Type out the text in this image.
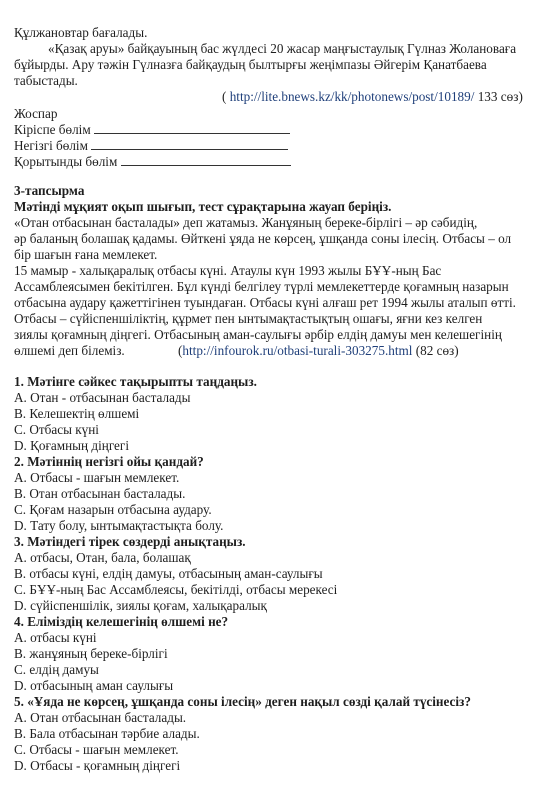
Құлжановтар бағалады.
«Қазақ аруы» байқауының бас жүлдесі 20 жасар маңғыстаулық Гүлназ Жолановаға
бұйырды. Ару тәжін Гүлназға байқаудың былтырғы жеңімпазы Әйгерім Қанатбаева
табыстады.
( http://lite.bnews.kz/kk/photonews/post/10189/ 133 сөз)
Жоспар
Кіріспе бөлім
Негізгі бөлім
Қорытынды бөлім
3-тапсырма
Мәтінді мұқият оқып шығып, тест сұрақтарына жауап беріңіз.
«Отан отбасынан басталады» деп жатамыз. Жанұяның береке-бірлігі – әр сәбидің,
әр баланың болашақ қадамы. Өйткені ұяда не көрсең, ұшқанда соны ілесің. Отбасы – ол
бір шағын ғана мемлекет.
15 мамыр - халықаралық отбасы күні. Атаулы күн 1993 жылы БҰҰ-ның Бас
Ассамблеясымен бекітілген. Бұл күнді белгілеу түрлі мемлекеттерде қоғамның назарын
отбасына аудару қажеттігінен туындаған. Отбасы күні алғаш рет 1994 жылы аталып өтті.
Отбасы – сүйіспеншіліктің, құрмет пен ынтымақтастықтың ошағы, яғни кез келген
зиялы қоғамның діңгегі. Отбасының аман-саулығы әрбір елдің дамуы мен келешегінің
өлшемі деп білеміз.	(http://infourok.ru/otbasi-turali-303275.html (82 сөз)
1. Мәтінге сәйкес тақырыпты таңдаңыз.
A. Отан - отбасынан басталады
B. Келешектің өлшемі
C. Отбасы күні
D. Қоғамның діңгегі
2. Мәтіннің негізгі ойы қандай?
A. Отбасы - шағын мемлекет.
B. Отан отбасынан басталады.
C. Қоғам назарын отбасына аудару.
D. Тату болу, ынтымақтастықта болу.
3. Мәтіндегі тірек сөздерді анықтаңыз.
A. отбасы, Отан, бала, болашақ
B. отбасы күні, елдің дамуы, отбасының аман-саулығы
C. БҰҰ-ның Бас Ассамблеясы, бекітілді, отбасы мерекесі
D. сүйіспеншілік, зиялы қоғам, халықаралық
4. Еліміздің келешегінің өлшемі не?
A. отбасы күні
B. жанұяның береке-бірлігі
C. елдің дамуы
D. отбасының аман саулығы
5. «Ұяда не көрсең, ұшқанда соны ілесің» деген нақыл сөзді қалай түсінесіз?
A. Отан отбасынан басталады.
B. Бала отбасынан тәрбие алады.
C. Отбасы - шағын мемлекет.
D. Отбасы - қоғамның діңгегі
